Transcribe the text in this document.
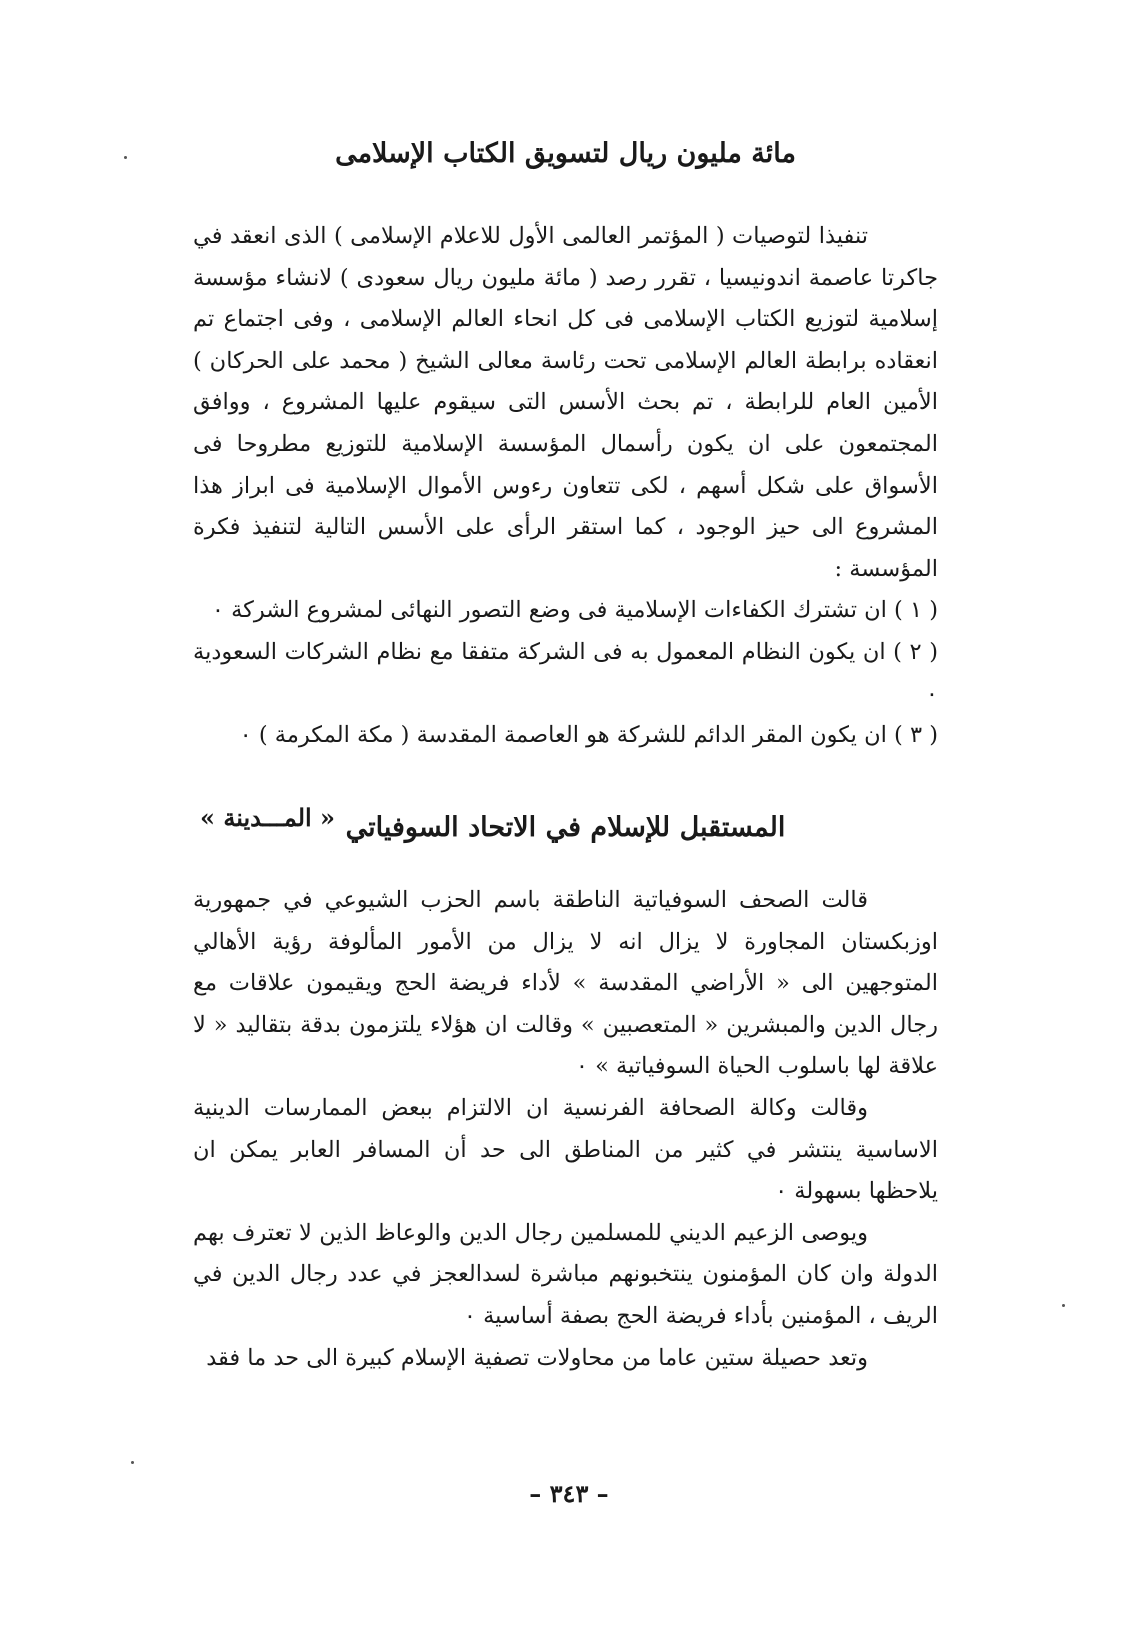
مائة مليون ريال لتسويق الكتاب الإسلامى

تنفيذا لتوصيات ( المؤتمر العالمى الأول للاعلام الإسلامى ) الذى انعقد في جاكرتا عاصمة اندونيسيا ، تقرر رصد ( مائة مليون ريال سعودى ) لانشاء مؤسسة إسلامية لتوزيع الكتاب الإسلامى فى كل انحاء العالم الإسلامى ، وفى اجتماع تم انعقاده برابطة العالم الإسلامى تحت رئاسة معالى الشيخ ( محمد على الحركان ) الأمين العام للرابطة ، تم بحث الأسس التى سيقوم عليها المشروع ، ووافق المجتمعون على ان يكون رأسمال المؤسسة الإسلامية للتوزيع مطروحا فى الأسواق على شكل أسهم ، لكى تتعاون رءوس الأموال الإسلامية فى ابراز هذا المشروع الى حيز الوجود ، كما استقر الرأى على الأسس التالية لتنفيذ فكرة المؤسسة :

( ١ ) ان تشترك الكفاءات الإسلامية فى وضع التصور النهائى لمشروع الشركة ٠

( ٢ ) ان يكون النظام المعمول به فى الشركة متفقا مع نظام الشركات السعودية ٠

( ٣ ) ان يكون المقر الدائم للشركة هو العاصمة المقدسة ( مكة المكرمة ) ٠

« المـــدينة » المستقبل للإسلام في الاتحاد السوفياتي

قالت الصحف السوفياتية الناطقة باسم الحزب الشيوعي في جمهورية اوزبكستان المجاورة لا يزال انه لا يزال من الأمور المألوفة رؤية الأهالي المتوجهين الى « الأراضي المقدسة » لأداء فريضة الحج ويقيمون علاقات مع رجال الدين والمبشرين « المتعصبين » وقالت ان هؤلاء يلتزمون بدقة بتقاليد « لا علاقة لها باسلوب الحياة السوفياتية » ٠

وقالت وكالة الصحافة الفرنسية ان الالتزام ببعض الممارسات الدينية الاساسية ينتشر في كثير من المناطق الى حد أن المسافر العابر يمكن ان يلاحظها بسهولة ٠

ويوصى الزعيم الديني للمسلمين رجال الدين والوعاظ الذين لا تعترف بهم الدولة وان كان المؤمنون ينتخبونهم مباشرة لسدالعجز في عدد رجال الدين في الريف ، المؤمنين بأداء فريضة الحج بصفة أساسية ٠

وتعد حصيلة ستين عاما من محاولات تصفية الإسلام كبيرة الى حد ما فقد

– ٣٤٣ –
